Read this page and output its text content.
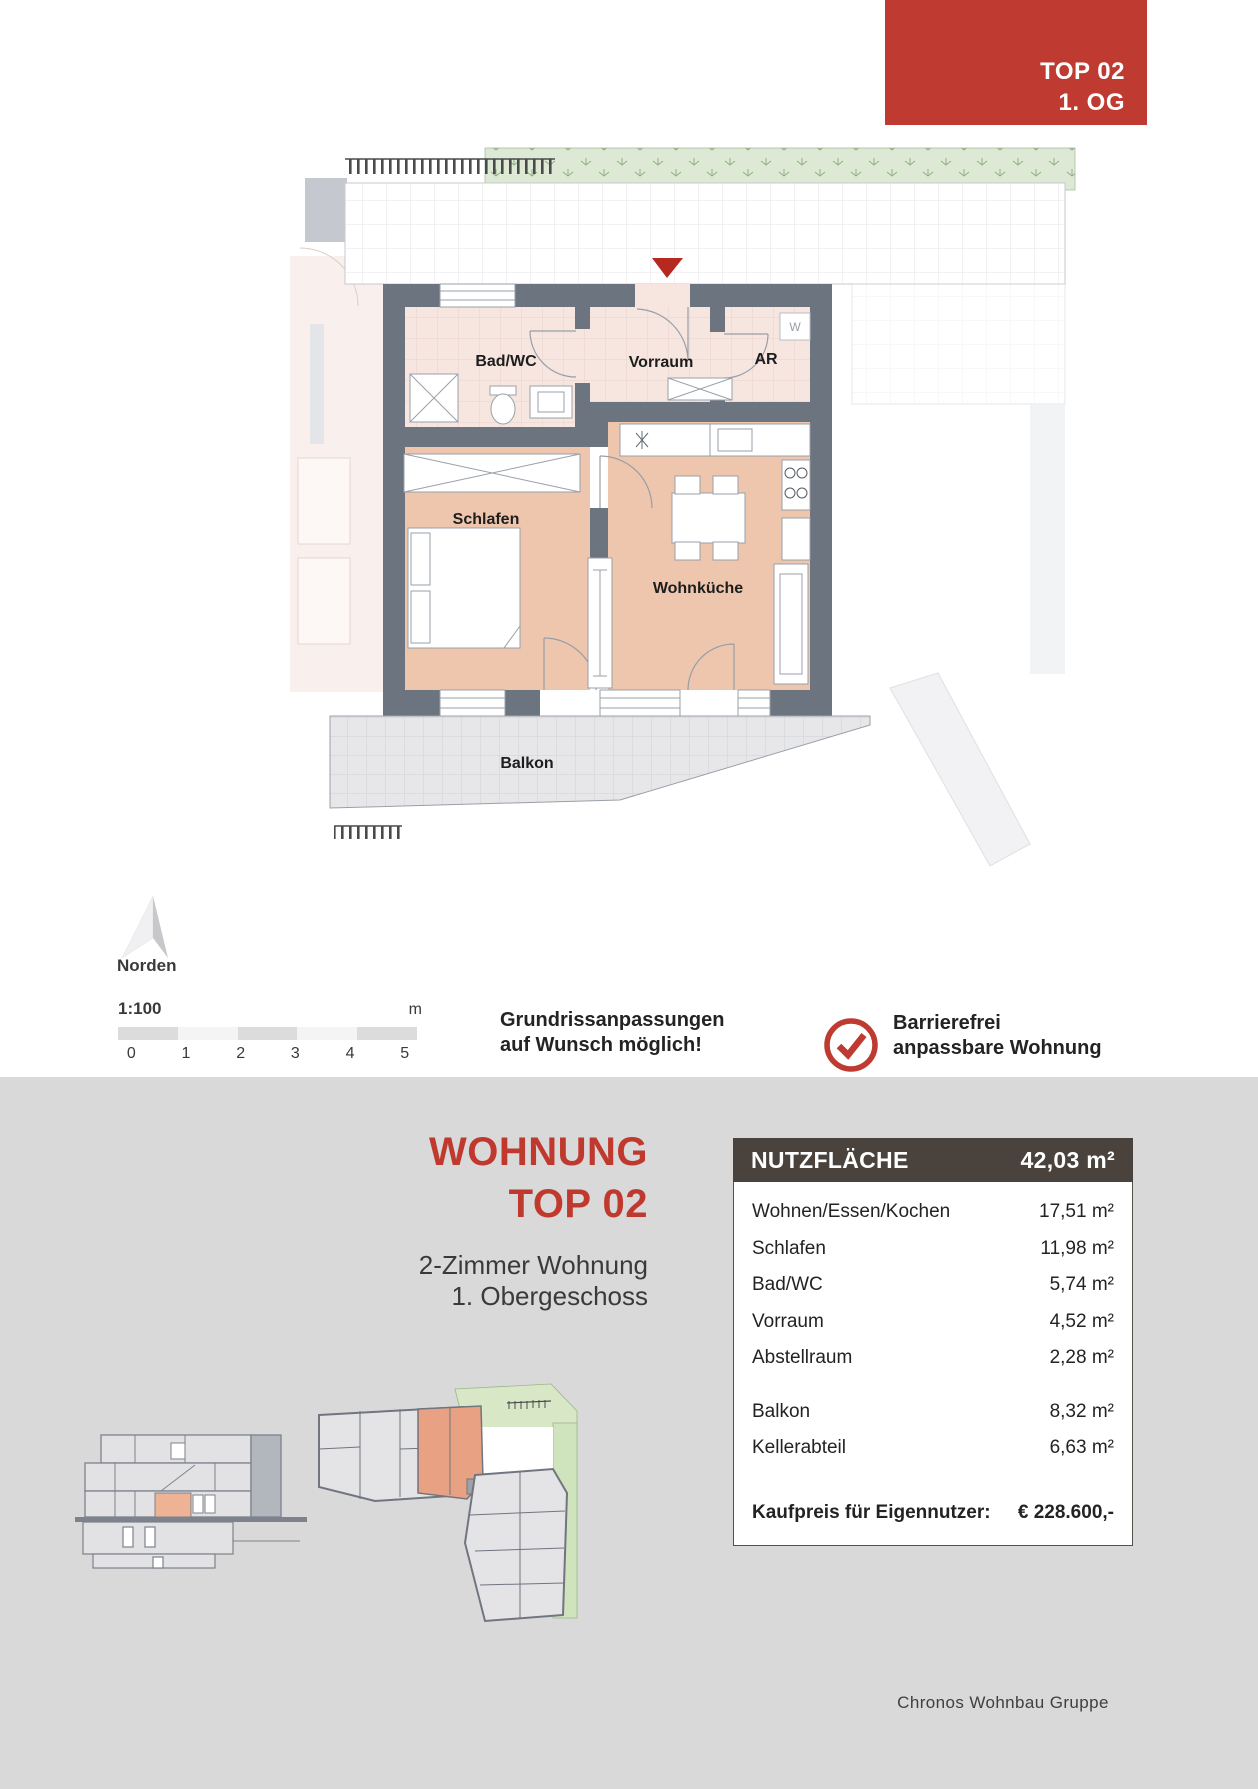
TOP 02
1. OG
W
Bad/WC	Vorraum	AR
Schlafen
Wohnküche
Balkon
Norden
1:100	m
0	1	2	3	4	5
Grundrissanpassungen
auf Wunsch möglich!
Barrierefrei
anpassbare Wohnung
WOHNUNG
TOP 02
2-Zimmer Wohnung
1. Obergeschoss
NUTZFLÄCHE	42,03 m²
Wohnen/Essen/Kochen	17,51 m²
Schlafen	11,98 m²
Bad/WC	5,74 m²
Vorraum	4,52 m²
Abstellraum	2,28 m²
Balkon	8,32 m²
Kellerabteil	6,63 m²
Kaufpreis für Eigennutzer: € 228.600,-
Chronos Wohnbau Gruppe
